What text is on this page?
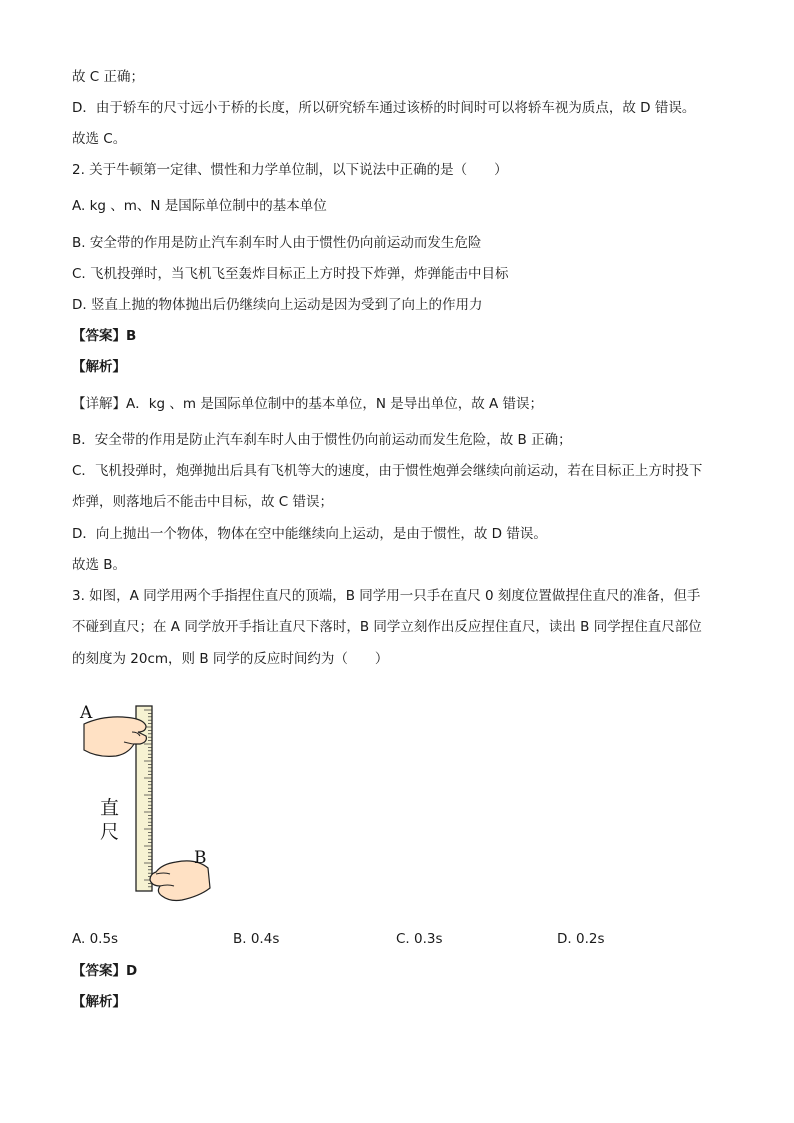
故 C 正确；
D．由于轿车的尺寸远小于桥的长度，所以研究轿车通过该桥的时间时可以将轿车视为质点，故 D 错误。
故选 C。
2. 关于牛顿第一定律、惯性和力学单位制，以下说法中正确的是（　　）
A. kg 、m、N 是国际单位制中的基本单位
B. 安全带的作用是防止汽车刹车时人由于惯性仍向前运动而发生危险
C. 飞机投弹时，当飞机飞至轰炸目标正上方时投下炸弹，炸弹能击中目标
D. 竖直上抛的物体抛出后仍继续向上运动是因为受到了向上的作用力
【答案】B
【解析】
【详解】A．kg 、m 是国际单位制中的基本单位，N 是导出单位，故 A 错误；
B．安全带的作用是防止汽车刹车时人由于惯性仍向前运动而发生危险，故 B 正确；
C．飞机投弹时，炮弹抛出后具有飞机等大的速度，由于惯性炮弹会继续向前运动，若在目标正上方时投下
炸弹，则落地后不能击中目标，故 C 错误；
D．向上抛出一个物体，物体在空中能继续向上运动，是由于惯性，故 D 错误。
故选 B。
3. 如图，A 同学用两个手指捏住直尺的顶端，B 同学用一只手在直尺 0 刻度位置做捏住直尺的准备，但手
不碰到直尺；在 A 同学放开手指让直尺下落时，B 同学立刻作出反应捏住直尺，读出 B 同学捏住直尺部位
的刻度为 20cm，则 B 同学的反应时间约为（　　）
A
B
直
尺
A. 0.5s	B. 0.4s	C. 0.3s	D. 0.2s
【答案】D
【解析】
